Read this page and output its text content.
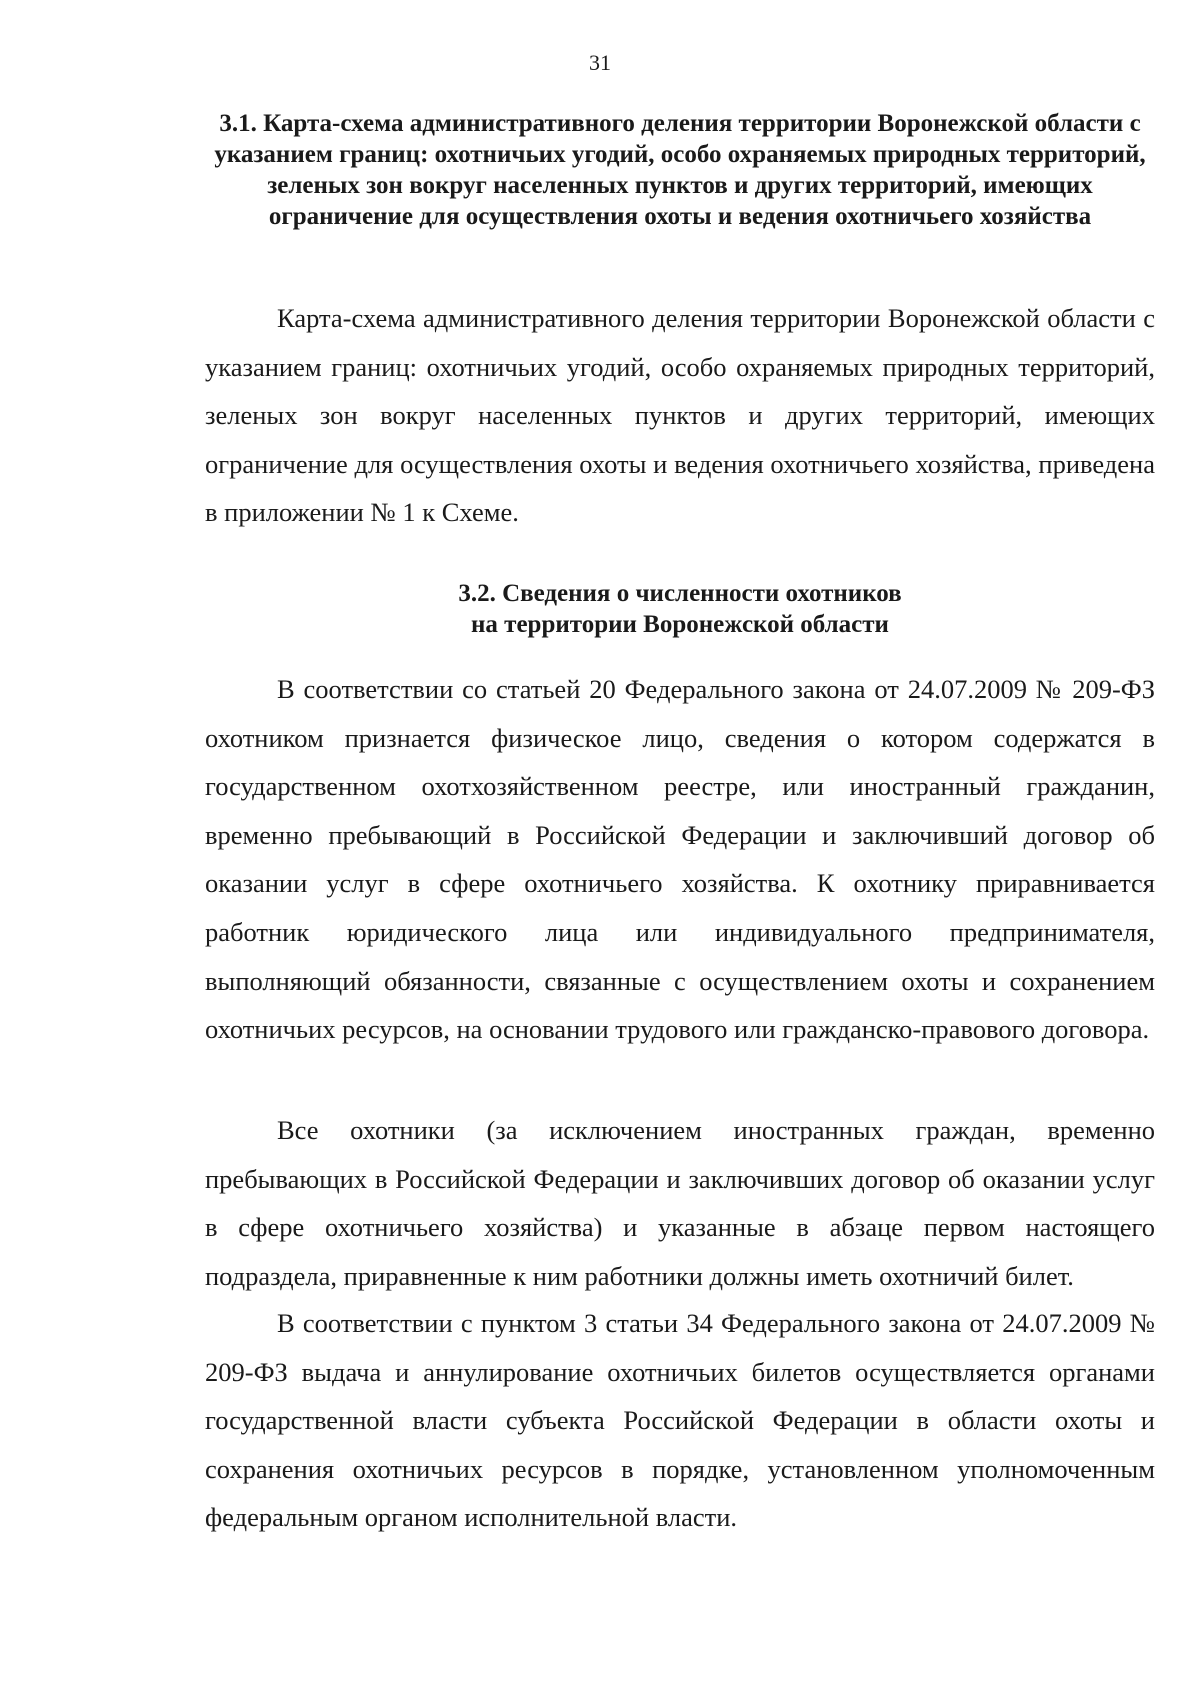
31
3.1. Карта-схема административного деления территории Воронежской области с указанием границ: охотничьих угодий, особо охраняемых природных территорий, зеленых зон вокруг населенных пунктов и других территорий, имеющих ограничение для осуществления охоты и ведения охотничьего хозяйства

Карта-схема административного деления территории Воронежской области с указанием границ: охотничьих угодий, особо охраняемых природных территорий, зеленых зон вокруг населенных пунктов и других территорий, имеющих ограничение для осуществления охоты и ведения охотничьего хозяйства, приведена в приложении № 1 к Схеме.

3.2. Сведения о численности охотников
на территории Воронежской области

В соответствии со статьей 20 Федерального закона от 24.07.2009 № 209-ФЗ охотником признается физическое лицо, сведения о котором содержатся в государственном охотхозяйственном реестре, или иностранный гражданин, временно пребывающий в Российской Федерации и заключивший договор об оказании услуг в сфере охотничьего хозяйства. К охотнику приравнивается работник юридического лица или индивидуального предпринимателя, выполняющий обязанности, связанные с осуществлением охоты и сохранением охотничьих ресурсов, на основании трудового или гражданско-правового договора.

Все охотники (за исключением иностранных граждан, временно пребывающих в Российской Федерации и заключивших договор об оказании услуг в сфере охотничьего хозяйства) и указанные в абзаце первом настоящего подраздела, приравненные к ним работники должны иметь охотничий билет.

В соответствии с пунктом 3 статьи 34 Федерального закона от 24.07.2009 № 209-ФЗ выдача и аннулирование охотничьих билетов осуществляется органами государственной власти субъекта Российской Федерации в области охоты и сохранения охотничьих ресурсов в порядке, установленном уполномоченным федеральным органом исполнительной власти.
